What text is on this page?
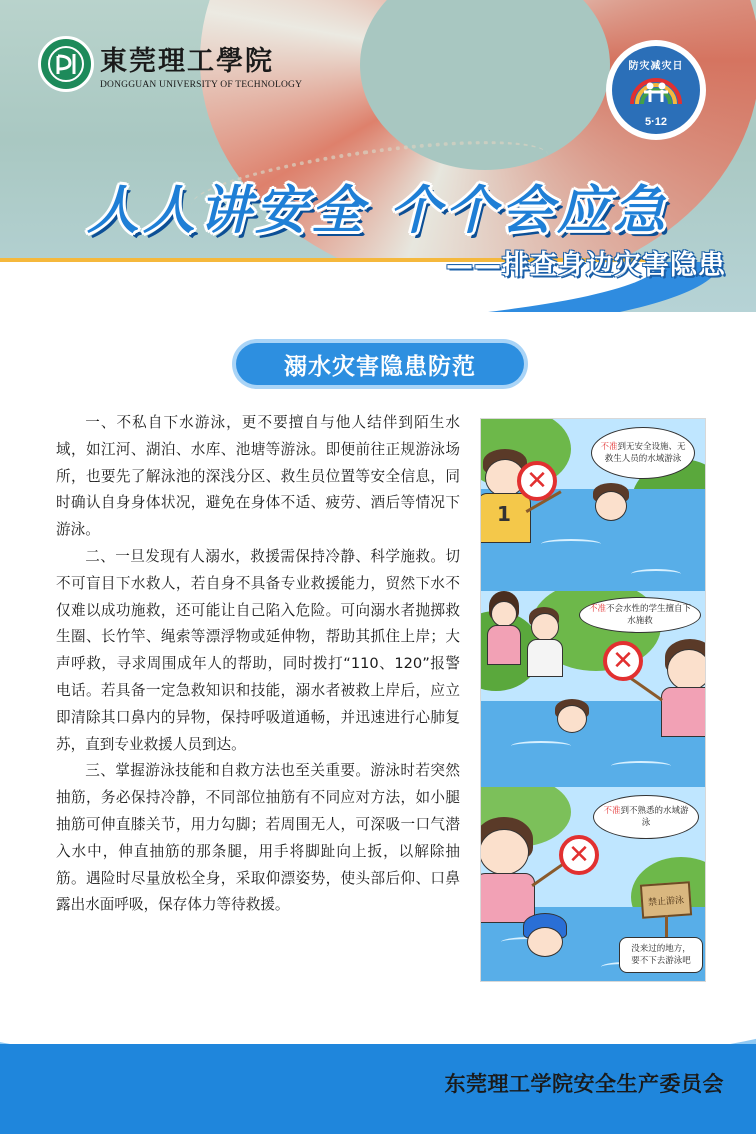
東莞理工學院
DONGGUAN UNIVERSITY OF TECHNOLOGY
防灾减灾日
5·12
人人讲安全 个个会应急
——排查身边灾害隐患
溺水灾害隐患防范

一、不私自下水游泳，更不要擅自与他人结伴到陌生水域，如江河、湖泊、水库、池塘等游泳。即便前往正规游泳场所，也要先了解泳池的深浅分区、救生员位置等安全信息，同时确认自身身体状况，避免在身体不适、疲劳、酒后等情况下游泳。

二、一旦发现有人溺水，救援需保持冷静、科学施救。切不可盲目下水救人，若自身不具备专业救援能力，贸然下水不仅难以成功施救，还可能让自己陷入危险。可向溺水者抛掷救生圈、长竹竿、绳索等漂浮物或延伸物，帮助其抓住上岸；大声呼救，寻求周围成年人的帮助，同时拨打“110、120”报警电话。若具备一定急救知识和技能，溺水者被救上岸后，应立即清除其口鼻内的异物，保持呼吸道通畅，并迅速进行心肺复苏，直到专业救援人员到达。

三、掌握游泳技能和自救方法也至关重要。游泳时若突然抽筋，务必保持冷静，不同部位抽筋有不同应对方法，如小腿抽筋可伸直膝关节，用力勾脚；若周围无人，可深吸一口气潜入水中，伸直抽筋的那条腿，用手将脚趾向上扳，以解除抽筋。遇险时尽量放松全身，采取仰漂姿势，使头部后仰、口鼻露出水面呼吸，保存体力等待救援。

不准到无安全设施、无救生人员的水域游泳
1
✕
不准不会水性的学生擅自下水施救
✕
不准到不熟悉的水域游泳
✕
禁止游泳
没来过的地方，要不下去游泳吧
东莞理工学院安全生产委员会
